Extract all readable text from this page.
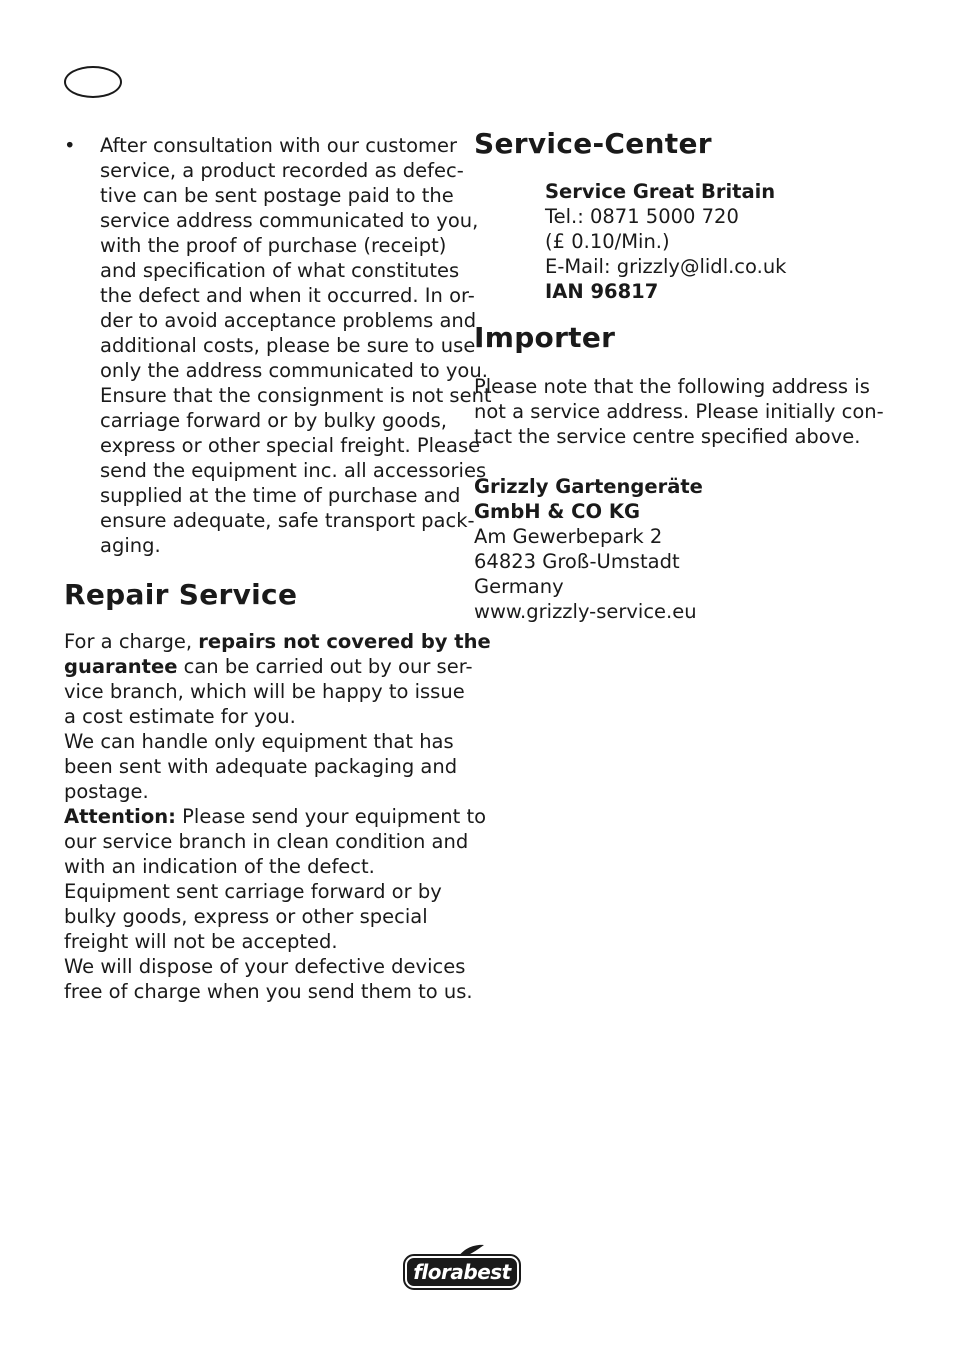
• After consultation with our customer
service, a product recorded as defec-
tive can be sent postage paid to the
service address communicated to you,
with the proof of purchase (receipt)
and specification of what constitutes
the defect and when it occurred. In or-
der to avoid acceptance problems and
additional costs, please be sure to use
only the address communicated to you.
Ensure that the consignment is not sent
carriage forward or by bulky goods,
express or other special freight. Please
send the equipment inc. all accessories
supplied at the time of purchase and
ensure adequate, safe transport pack-
aging.
Repair Service
For a charge, repairs not covered by the
guarantee can be carried out by our ser-
vice branch, which will be happy to issue
a cost estimate for you.
We can handle only equipment that has
been sent with adequate packaging and
postage.
Attention: Please send your equipment to
our service branch in clean condition and
with an indication of the defect.
Equipment sent carriage forward or by
bulky goods, express or other special
freight will not be accepted.
We will dispose of your defective devices
free of charge when you send them to us.
Service-Center
Service Great Britain
Tel.: 0871 5000 720
(£ 0.10/Min.)
E-Mail: grizzly@lidl.co.uk
IAN 96817
Importer
Please note that the following address is
not a service address. Please initially con-
tact the service centre specified above.
Grizzly Gartengeräte
GmbH & CO KG
Am Gewerbepark 2
64823 Groß-Umstadt
Germany
www.grizzly-service.eu
florabest
